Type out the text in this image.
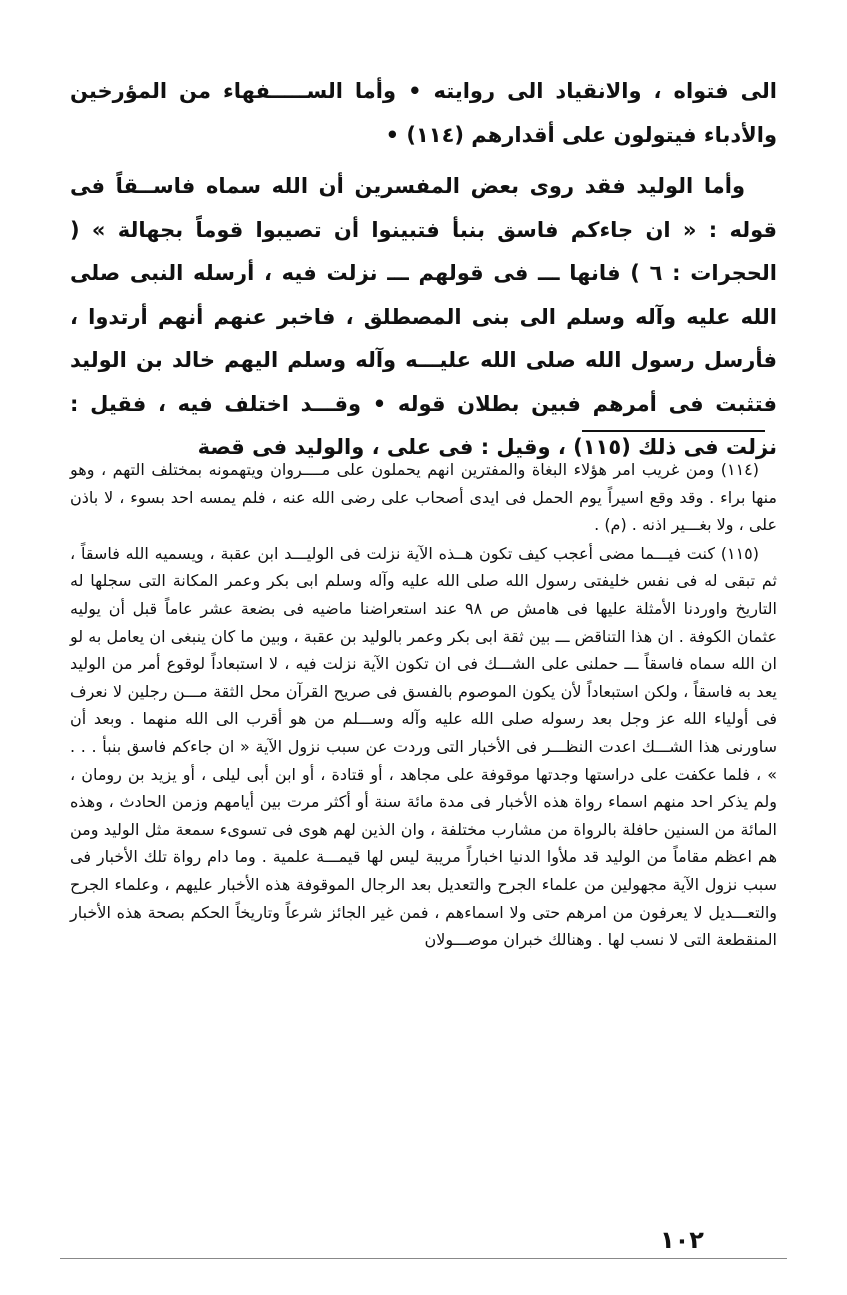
الى فتواه ، والانقياد الى روايته • وأما الســـــفهاء من المؤرخين والأدباء فيتولون على أقدارهم (١١٤) •

وأما الوليد فقد روى بعض المفسرين أن الله سماه فاســقاً فى قوله : « ان جاءكم فاسق بنبأ فتبينوا أن تصيبوا قوماً بجهالة » ( الحجرات : ٦ ) فانها ـــ فى قولهم ـــ نزلت فيه ، أرسله النبى صلى الله عليه وآله وسلم الى بنى المصطلق ، فاخبر عنهم أنهم أرتدوا ، فأرسل رسول الله صلى الله عليـــه وآله وسلم اليهم خالد بن الوليد فتثبت فى أمرهم فبين بطلان قوله • وقـــد اختلف فيه ، فقيل : نزلت فى ذلك (١١٥) ، وقيل : فى على ، والوليد فى قصة

(١١٤) ومن غريب امر هؤلاء البغاة والمفترين انهم يحملون على مــــروان ويتهمونه بمختلف التهم ، وهو منها براء . وقد وقع اسيراً يوم الحمل فى ايدى أصحاب على رضى الله عنه ، فلم يمسه احد بسوء ، لا باذن على ، ولا بغـــير اذنه . (م) .

(١١٥) كنت فيـــما مضى أعجب كيف تكون هــذه الآية نزلت فى الوليـــد ابن عقبة ، ويسميه الله فاسقاً ، ثم تبقى له فى نفس خليفتى رسول الله صلى الله عليه وآله وسلم ابى بكر وعمر المكانة التى سجلها له التاريخ واوردنا الأمثلة عليها فى هامش ص ٩٨ عند استعراضنا ماضيه فى بضعة عشر عاماً قبل أن يوليه عثمان الكوفة . ان هذا التناقض ـــ بين ثقة ابى بكر وعمر بالوليد بن عقبة ، وبين ما كان ينبغى ان يعامل به لو ان الله سماه فاسقاً ـــ حملنى على الشـــك فى ان تكون الآية نزلت فيه ، لا استبعاداً لوقوع أمر من الوليد يعد به فاسقاً ، ولكن استبعاداً لأن يكون الموصوم بالفسق فى صريح القرآن محل الثقة مـــن رجلين لا نعرف فى أولياء الله عز وجل بعد رسوله صلى الله عليه وآله وســـلم من هو أقرب الى الله منهما . وبعد أن ساورنى هذا الشـــك اعدت النظـــر فى الأخبار التى وردت عن سبب نزول الآية « ان جاءكم فاسق بنبأ . . . » ، فلما عكفت على دراستها وجدتها موقوفة على مجاهد ، أو قتادة ، أو ابن أبى ليلى ، أو يزيد بن رومان ، ولم يذكر احد منهم اسماء رواة هذه الأخبار فى مدة مائة سنة أو أكثر مرت بين أيامهم وزمن الحادث ، وهذه المائة من السنين حافلة بالرواة من مشارب مختلفة ، وان الذين لهم هوى فى تسوىء سمعة مثل الوليد ومن هم اعظم مقاماً من الوليد قد ملأوا الدنيا اخباراً مريبة ليس لها قيمـــة علمية . وما دام رواة تلك الأخبار فى سبب نزول الآية مجهولين من علماء الجرح والتعديل بعد الرجال الموقوفة هذه الأخبار عليهم ، وعلماء الجرح والتعـــديل لا يعرفون من امرهم حتى ولا اسماءهم ، فمن غير الجائز شرعاً وتاريخاً الحكم بصحة هذه الأخبار المنقطعة التى لا نسب لها . وهنالك خبران موصـــولان

١٠٢
